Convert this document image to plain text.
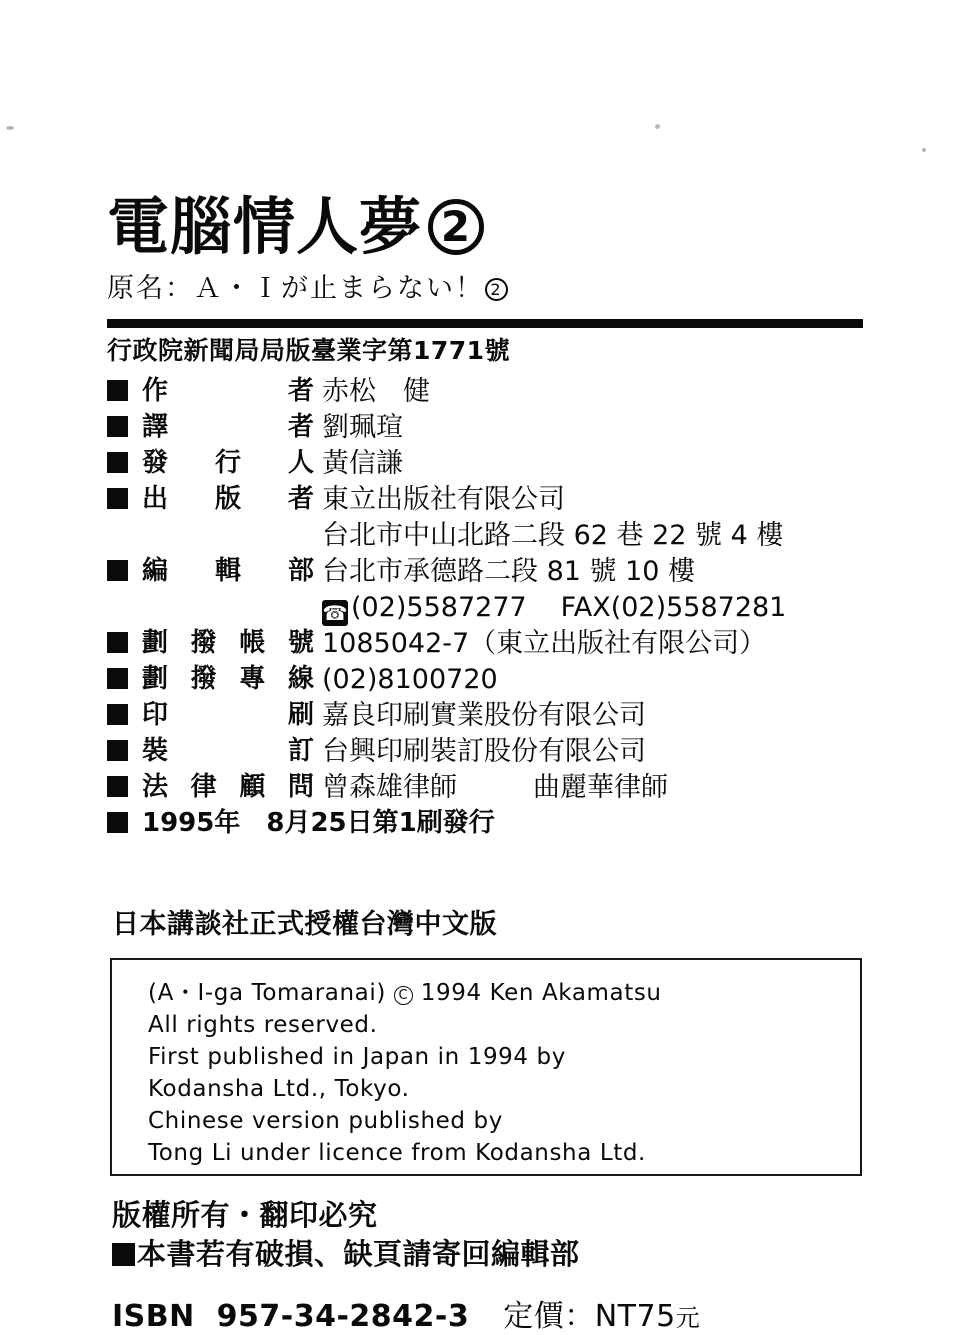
電腦情人夢 2
原名：Ａ・Ｉが止まらない！ 2
行政院新聞局局版臺業字第1771號
作者 赤松　健
譯者 劉珮瑄
發行人 黃信謙
出版者 東立出版社有限公司
台北市中山北路二段 62 巷 22 號 4 樓
編輯部 台北市承德路二段 81 號 10 樓
☎ (02)5587277 FAX(02)5587281
劃撥帳號 1085042-7（東立出版社有限公司）
劃撥專線 (02)8100720
印刷 嘉良印刷實業股份有限公司
裝訂 台興印刷裝訂股份有限公司
法律顧問 曾森雄律師	曲麗華律師
1995年　8月25日第1刷發行
日本講談社正式授權台灣中文版
(A・I-ga Tomaranai) C 1994 Ken Akamatsu
All rights reserved.
First published in Japan in 1994 by
Kodansha Ltd., Tokyo.
Chinese version published by
Tong Li under licence from Kodansha Ltd.
版權所有・翻印必究
本書若有破損、缺頁請寄回編輯部
ISBN
957-34-2842-3 定價：NT75元
